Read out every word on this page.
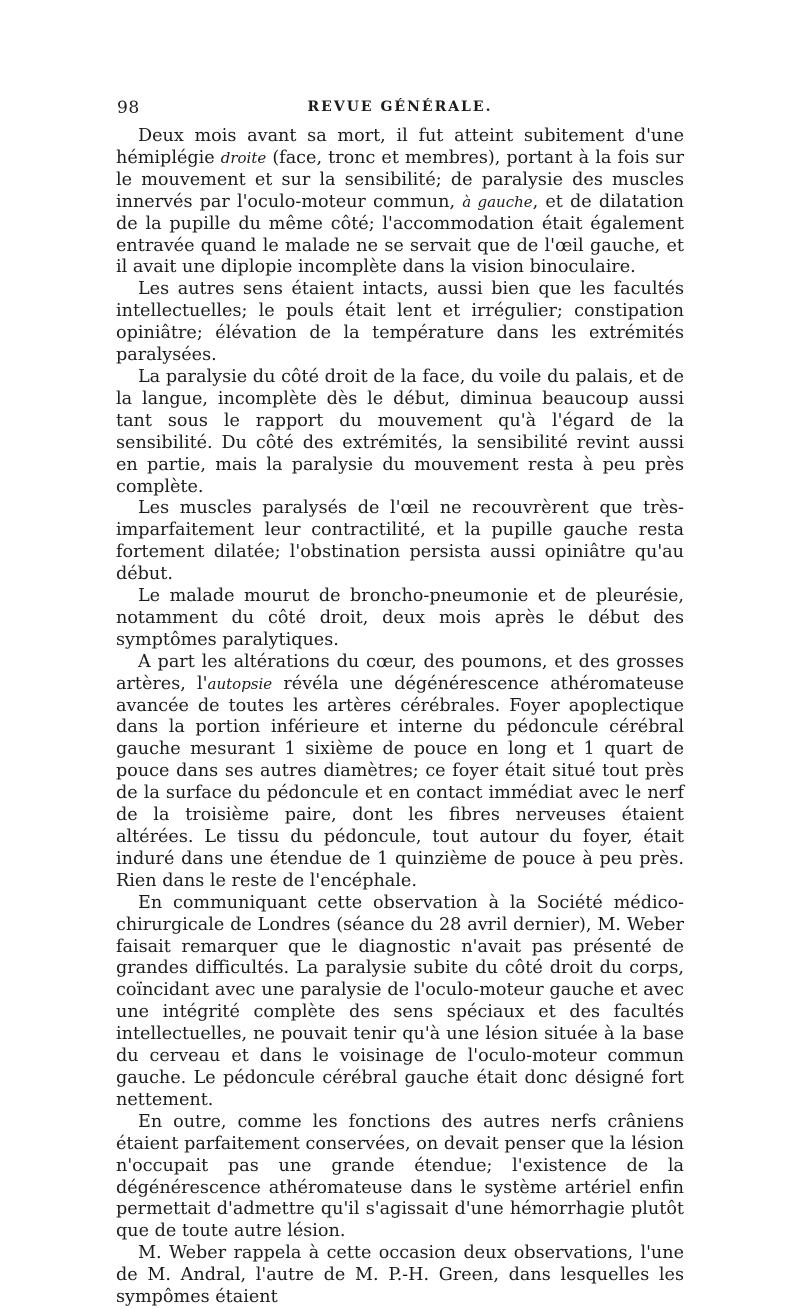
98	REVUE GÉNÉRALE.

Deux mois avant sa mort, il fut atteint subitement d'une hémiplégie droite (face, tronc et membres), portant à la fois sur le mouvement et sur la sensibilité; de paralysie des muscles innervés par l'oculo-moteur commun, à gauche, et de dilatation de la pupille du même côté; l'accommodation était également entravée quand le malade ne se servait que de l'œil gauche, et il avait une diplopie incomplète dans la vision binoculaire.

Les autres sens étaient intacts, aussi bien que les facultés intellectuelles; le pouls était lent et irrégulier; constipation opiniâtre; élévation de la température dans les extrémités paralysées.

La paralysie du côté droit de la face, du voile du palais, et de la langue, incomplète dès le début, diminua beaucoup aussi tant sous le rapport du mouvement qu'à l'égard de la sensibilité. Du côté des extrémités, la sensibilité revint aussi en partie, mais la paralysie du mouvement resta à peu près complète.

Les muscles paralysés de l'œil ne recouvrèrent que très-imparfaitement leur contractilité, et la pupille gauche resta fortement dilatée; l'obstination persista aussi opiniâtre qu'au début.

Le malade mourut de broncho-pneumonie et de pleurésie, notamment du côté droit, deux mois après le début des symptômes paralytiques.

A part les altérations du cœur, des poumons, et des grosses artères, l'autopsie révéla une dégénérescence athéromateuse avancée de toutes les artères cérébrales. Foyer apoplectique dans la portion inférieure et interne du pédoncule cérébral gauche mesurant 1 sixième de pouce en long et 1 quart de pouce dans ses autres diamètres; ce foyer était situé tout près de la surface du pédoncule et en contact immédiat avec le nerf de la troisième paire, dont les fibres nerveuses étaient altérées. Le tissu du pédoncule, tout autour du foyer, était induré dans une étendue de 1 quinzième de pouce à peu près. Rien dans le reste de l'encéphale.

En communiquant cette observation à la Société médico-chirurgicale de Londres (séance du 28 avril dernier), M. Weber faisait remarquer que le diagnostic n'avait pas présenté de grandes difficultés. La paralysie subite du côté droit du corps, coïncidant avec une paralysie de l'oculo-moteur gauche et avec une intégrité complète des sens spéciaux et des facultés intellectuelles, ne pouvait tenir qu'à une lésion située à la base du cerveau et dans le voisinage de l'oculo-moteur commun gauche. Le pédoncule cérébral gauche était donc désigné fort nettement.

En outre, comme les fonctions des autres nerfs crâniens étaient parfaitement conservées, on devait penser que la lésion n'occupait pas une grande étendue; l'existence de la dégénérescence athéromateuse dans le système artériel enfin permettait d'admettre qu'il s'agissait d'une hémorrhagie plutôt que de toute autre lésion.

M. Weber rappela à cette occasion deux observations, l'une de M. Andral, l'autre de M. P.-H. Green, dans lesquelles les sympômes étaient
